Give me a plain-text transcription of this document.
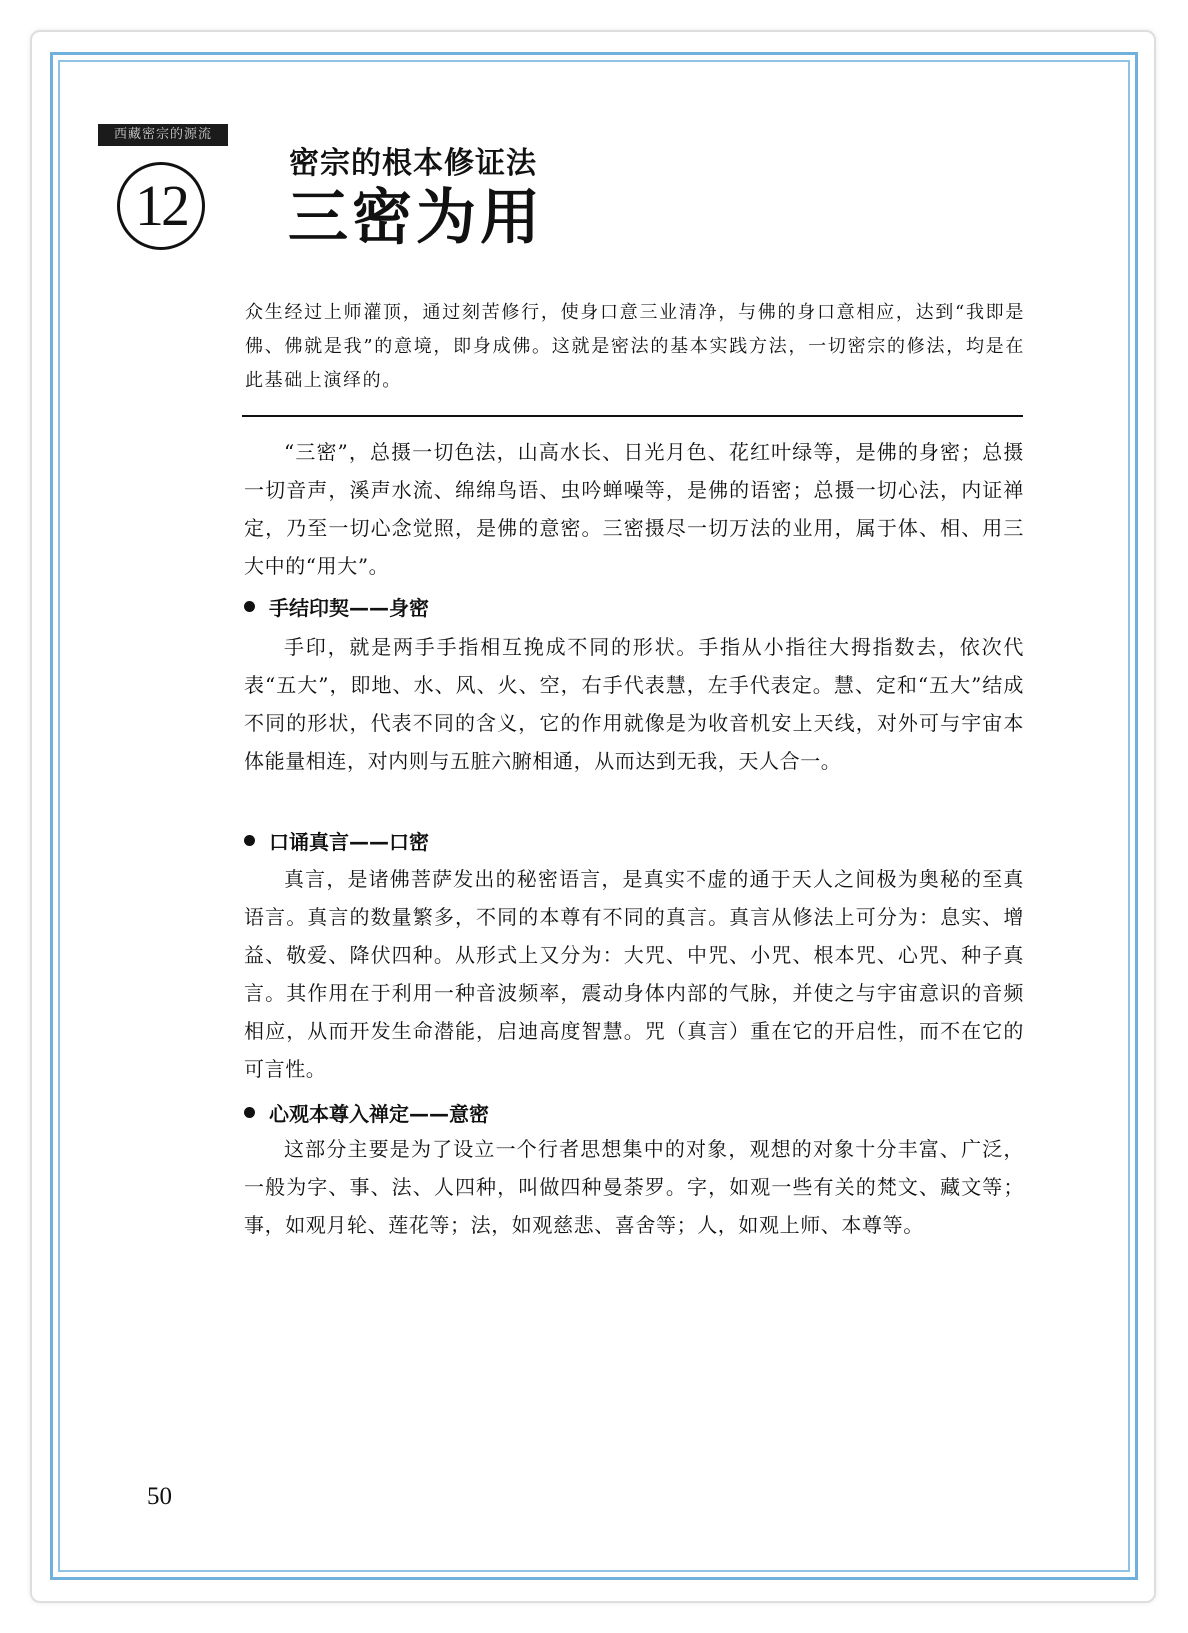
西藏密宗的源流
12
密宗的根本修证法
三密为用
众生经过上师灌顶，通过刻苦修行，使身口意三业清净，与佛的身口意相应，达到“我即是佛、佛就是我”的意境，即身成佛。这就是密法的基本实践方法，一切密宗的修法，均是在此基础上演绎的。

“三密”，总摄一切色法，山高水长、日光月色、花红叶绿等，是佛的身密；总摄一切音声，溪声水流、绵绵鸟语、虫吟蝉噪等，是佛的语密；总摄一切心法，内证禅定，乃至一切心念觉照，是佛的意密。三密摄尽一切万法的业用，属于体、相、用三大中的“用大”。

手结印契——身密

手印，就是两手手指相互挽成不同的形状。手指从小指往大拇指数去，依次代表“五大”，即地、水、风、火、空，右手代表慧，左手代表定。慧、定和“五大”结成不同的形状，代表不同的含义，它的作用就像是为收音机安上天线，对外可与宇宙本体能量相连，对内则与五脏六腑相通，从而达到无我，天人合一。

口诵真言——口密

真言，是诸佛菩萨发出的秘密语言，是真实不虚的通于天人之间极为奥秘的至真语言。真言的数量繁多，不同的本尊有不同的真言。真言从修法上可分为：息实、增益、敬爱、降伏四种。从形式上又分为：大咒、中咒、小咒、根本咒、心咒、种子真言。其作用在于利用一种音波频率，震动身体内部的气脉，并使之与宇宙意识的音频相应，从而开发生命潜能，启迪高度智慧。咒（真言）重在它的开启性，而不在它的可言性。

心观本尊入禅定——意密

这部分主要是为了设立一个行者思想集中的对象，观想的对象十分丰富、广泛，一般为字、事、法、人四种，叫做四种曼荼罗。字，如观一些有关的梵文、藏文等；事，如观月轮、莲花等；法，如观慈悲、喜舍等；人，如观上师、本尊等。

50
